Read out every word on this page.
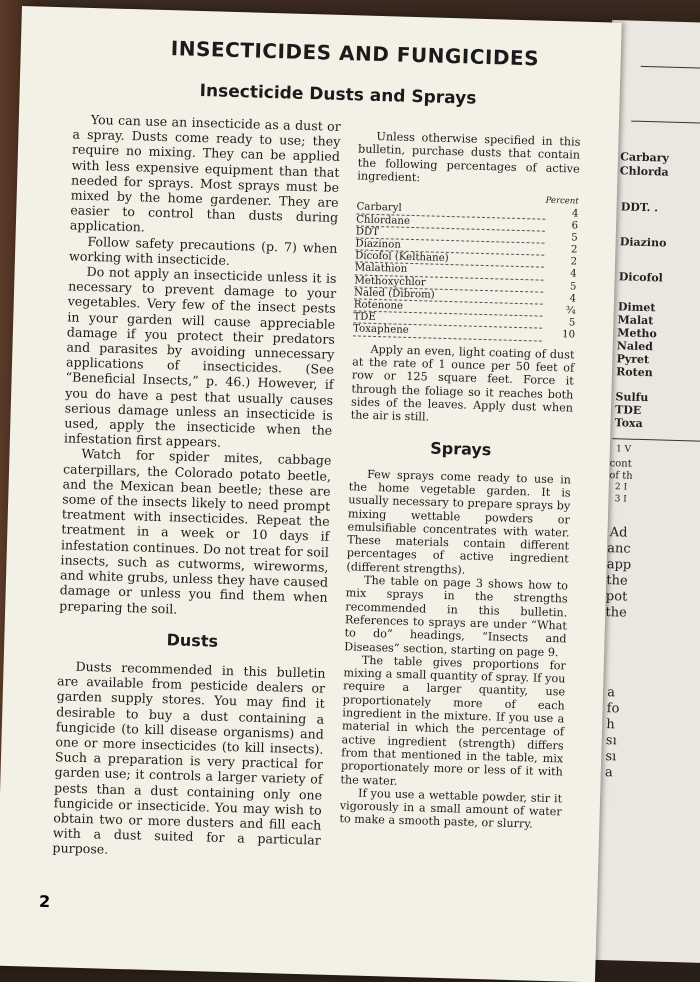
Carbary
Chlorda
DDT. .
Diazino
Dicofol
Dimet
Malat
Metho
Naled
Pyret
Roten
Sulfu
TDE
Toxa
1 V
cont
of th
2 I
3 I
Ad
anc
app
the
pot
the
a
fo
h
sı
sı
a
INSECTICIDES AND FUNGICIDES
Insecticide Dusts and Sprays

You can use an insecticide as a dust or a spray. Dusts come ready to use; they require no mixing. They can be applied with less expensive equipment than that needed for sprays. Most sprays must be mixed by the home gardener. They are easier to control than dusts during application.

Follow safety precautions (p. 7) when working with insecticide.

Do not apply an insecticide unless it is necessary to prevent damage to your vegetables. Very few of the insect pests in your garden will cause appreciable damage if you protect their predators and parasites by avoiding unnecessary applications of insecticides. (See “Beneficial Insects,” p. 46.) However, if you do have a pest that usually causes serious damage unless an insecticide is used, apply the insecticide when the infestation first appears.

Watch for spider mites, cabbage caterpillars, the Colorado potato beetle, and the Mexican bean beetle; these are some of the insects likely to need prompt treatment with insecticides. Repeat the treatment in a week or 10 days if infestation continues. Do not treat for soil insects, such as cutworms, wireworms, and white grubs, unless they have caused damage or unless you find them when preparing the soil.

Dusts

Dusts recommended in this bulletin are available from pesticide dealers or garden supply stores. You may find it desirable to buy a dust containing a fungicide (to kill disease organisms) and one or more insecticides (to kill insects). Such a preparation is very practical for garden use; it controls a larger variety of pests than a dust containing only one fungicide or insecticide. You may wish to obtain two or more dusters and fill each with a dust suited for a particular purpose.

Unless otherwise specified in this bulletin, purchase dusts that contain the following percentages of active ingredient:

	Percent
Carbaryl	4
Chlordane	6
DDT	5
Diazinon	2
Dicofol (Kelthane)	2
Malathion	4
Methoxychlor	5
Naled (Dibrom)	4
Rotenone	¾
TDE	5
Toxaphene	10

Apply an even, light coating of dust at the rate of 1 ounce per 50 feet of row or 125 square feet. Force it through the foliage so it reaches both sides of the leaves. Apply dust when the air is still.

Sprays

Few sprays come ready to use in the home vegetable garden. It is usually necessary to prepare sprays by mixing wettable powders or emulsifiable concentrates with water. These materials contain different percentages of active ingredient (different strengths).

The table on page 3 shows how to mix sprays in the strengths recommended in this bulletin. References to sprays are under “What to do” headings, “Insects and Diseases” section, starting on page 9.

The table gives proportions for mixing a small quantity of spray. If you require a larger quantity, use proportionately more of each ingredient in the mixture. If you use a material in which the percentage of active ingredient (strength) differs from that mentioned in the table, mix proportionately more or less of it with the water.

If you use a wettable powder, stir it vigorously in a small amount of water to make a smooth paste, or slurry.

2
